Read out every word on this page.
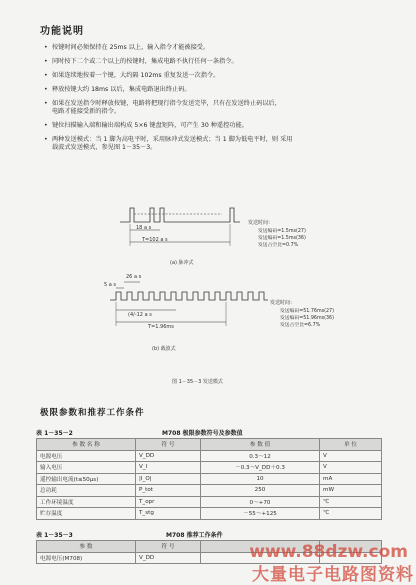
功能说明
• 按键时间必须保持在 25ms 以上，输入指令才能被接受。
• 同时按下二个或二个以上的按键时，集成电路不执行任何一条指令。
• 如果连续地按着一个键，大约隔 102ms 重复发送一次指令。
• 释放按键大约 18ms 以后，集成电路退出终止码。
• 如果在发送指令时释放按键，电路将把现行指令发送完毕，只有在发送终止码以后，
电路才能接受新的指令。
• 键位扫描输入端和输出端构成 5×6 键盘矩阵，可产生 30 种遥控功能。
• 两种发送模式：当 1 脚为高电平时，采用脉冲式发送模式；当 1 脚为低电平时，则 采用
载波式发送模式，参见图 1－35－3。
18 a s
T=102 a s
发送时间：
发送编码=1.5ms(27)
发送编码=1.5ms(36)
发送占空比=0.7%
(a) 脉冲式
26 a s
5 a s
(4/-12 a s
T=1.96ms
发送时间：
发送编码=51.76ms(27)
发送编码=51.96ms(36)
发送占空比=6.7%
(b) 载波式
图 1－35－3 发送模式
极限参数和推荐工作条件
表 1－35－2	M708 极限参数符号及参数值
参 数 名 称	符 号	参 数 值	单 位
电源电压	V_DD	0.3～12	V
输入电压	V_I	－0.3～V_DD＋0.3	V
遥控输出电流(t≤50μs)	|I_O|	10	mA
总功耗	P_tot	250	mW
工作环境温度	T_opr	0～+70	℃
贮存温度	T_stg	－55～+125	℃
表 1－35－3	M708 推荐工作条件
参 数	符 号		
电源电压(M708)	V_DD			www.88dzw.com
大量电子电路图资料
